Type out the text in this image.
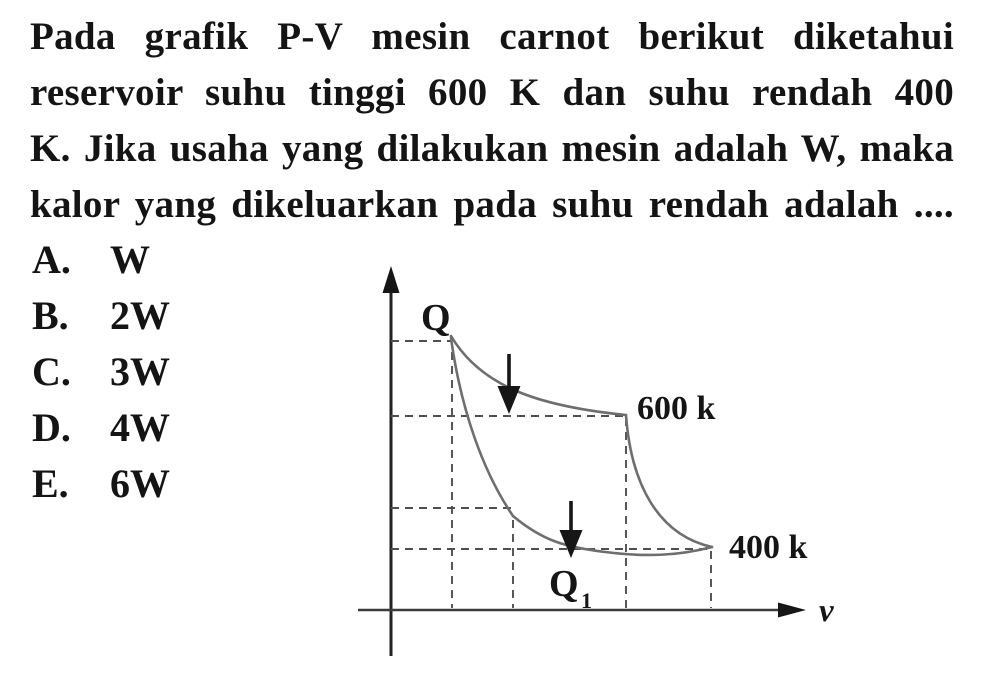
Pada grafik P-V mesin carnot berikut diketahui
reservoir suhu tinggi 600 K dan suhu rendah 400
K. Jika usaha yang dilakukan mesin adalah W, maka
kalor yang dikeluarkan pada suhu rendah adalah ....
A. W
B.	2W
C. 3W
D. 4W
E.	6W
Q
600 k
400 k
Q 1	v
